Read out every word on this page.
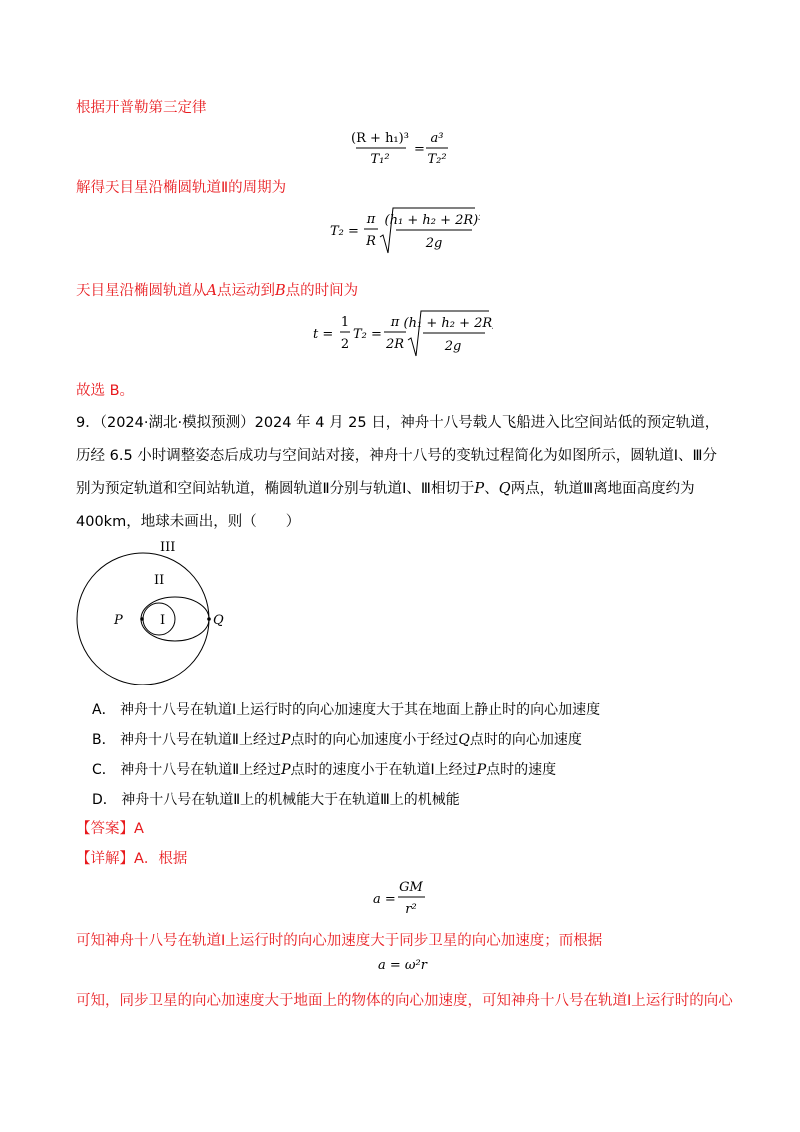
根据开普勒第三定律
(R + h₁)³
T₁²
=
a³
T₂²
解得天目星沿椭圆轨道Ⅱ的周期为
T₂ =
π
R
(h₁ + h₂ + 2R)³
2g
天目星沿椭圆轨道从A点运动到B点的时间为
t =
1
2
T₂ =
π
2R
(h₁ + h₂ + 2R)³
2g
故选 B。
9．（2024·湖北·模拟预测）2024 年 4 月 25 日，神舟十八号载人飞船进入比空间站低的预定轨道，历经 6.5 小时调整姿态后成功与空间站对接，神舟十八号的变轨过程简化为如图所示，圆轨道Ⅰ、Ⅲ分别为预定轨道和空间站轨道，椭圆轨道Ⅱ分别与轨道Ⅰ、Ⅲ相切于P、Q两点，轨道Ⅲ离地面高度约为400km，地球未画出，则（　　）
III
II
I
P	Q
A． 神舟十八号在轨道Ⅰ上运行时的向心加速度大于其在地面上静止时的向心加速度
B． 神舟十八号在轨道Ⅱ上经过P点时的向心加速度小于经过Q点时的向心加速度
C． 神舟十八号在轨道Ⅱ上经过P点时的速度小于在轨道Ⅰ上经过P点时的速度
D． 神舟十八号在轨道Ⅱ上的机械能大于在轨道Ⅲ上的机械能
【答案】A
【详解】A．根据
a =
GM
r²
可知神舟十八号在轨道Ⅰ上运行时的向心加速度大于同步卫星的向心加速度；而根据
a = ω²r
可知，同步卫星的向心加速度大于地面上的物体的向心加速度，可知神舟十八号在轨道Ⅰ上运行时的向心
